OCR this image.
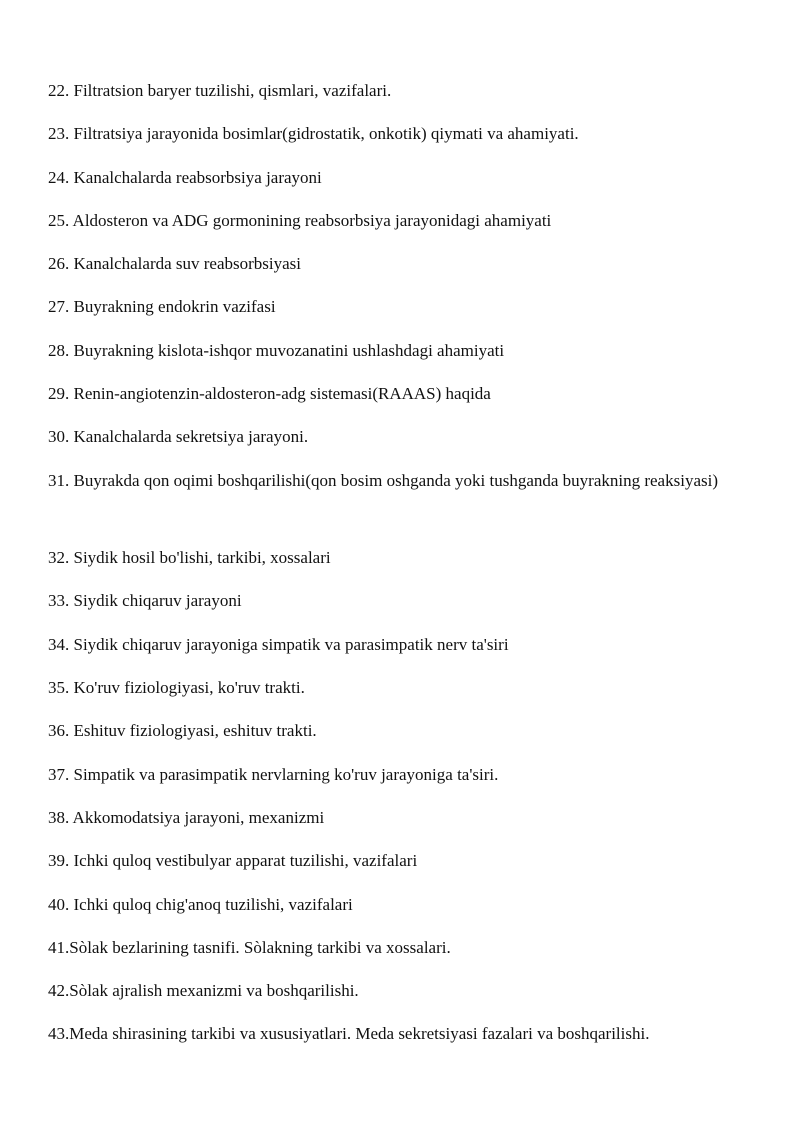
22. Filtratsion baryer tuzilishi, qismlari, vazifalari.
23. Filtratsiya jarayonida bosimlar(gidrostatik, onkotik) qiymati va ahamiyati.
24. Kanalchalarda reabsorbsiya jarayoni
25. Aldosteron va ADG gormonining reabsorbsiya jarayonidagi ahamiyati
26. Kanalchalarda suv reabsorbsiyasi
27. Buyrakning endokrin vazifasi
28. Buyrakning kislota-ishqor muvozanatini ushlashdagi ahamiyati
29. Renin-angiotenzin-aldosteron-adg sistemasi(RAAAS) haqida
30. Kanalchalarda sekretsiya jarayoni.
31. Buyrakda qon oqimi boshqarilishi(qon bosim oshganda yoki tushganda buyrakning reaksiyasi)
32. Siydik hosil bo'lishi, tarkibi, xossalari
33. Siydik chiqaruv jarayoni
34. Siydik chiqaruv jarayoniga simpatik va parasimpatik nerv ta'siri
35. Ko'ruv fiziologiyasi, ko'ruv trakti.
36. Eshituv fiziologiyasi, eshituv trakti.
37. Simpatik va parasimpatik nervlarning ko'ruv jarayoniga ta'siri.
38. Akkomodatsiya jarayoni, mexanizmi
39. Ichki quloq vestibulyar apparat tuzilishi, vazifalari
40. Ichki quloq chig'anoq tuzilishi, vazifalari
41.Sòlak bezlarining tasnifi. Sòlakning tarkibi va xossalari.
42.Sòlak ajralish mexanizmi va boshqarilishi.
43.Meda shirasining tarkibi va xususiyatlari. Meda sekretsiyasi fazalari va boshqarilishi.
